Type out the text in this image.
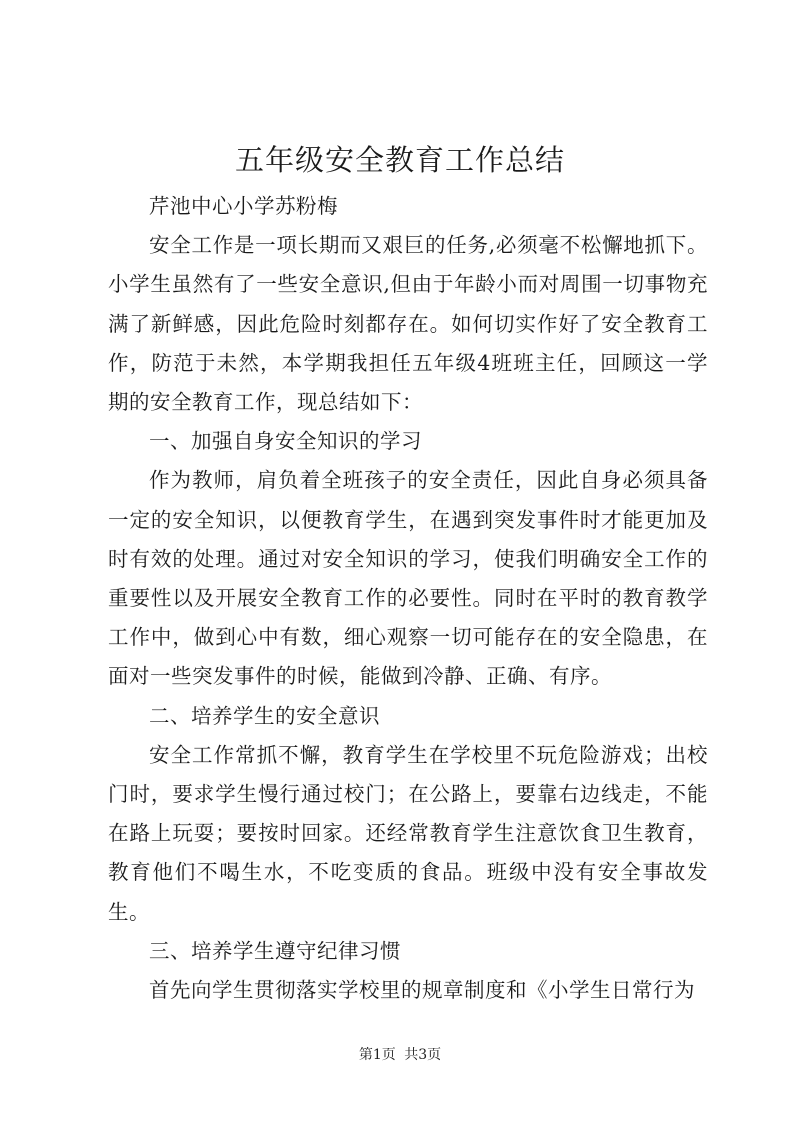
五年级安全教育工作总结

芹池中心小学苏粉梅

安全工作是一项长期而又艰巨的任务,必须毫不松懈地抓下。小学生虽然有了一些安全意识,但由于年龄小而对周围一切事物充满了新鲜感，因此危险时刻都存在。如何切实作好了安全教育工作，防范于未然，本学期我担任五年级4班班主任，回顾这一学期的安全教育工作，现总结如下：

一、加强自身安全知识的学习

作为教师，肩负着全班孩子的安全责任，因此自身必须具备一定的安全知识，以便教育学生，在遇到突发事件时才能更加及时有效的处理。通过对安全知识的学习，使我们明确安全工作的重要性以及开展安全教育工作的必要性。同时在平时的教育教学工作中，做到心中有数，细心观察一切可能存在的安全隐患，在面对一些突发事件的时候，能做到冷静、正确、有序。

二、培养学生的安全意识

安全工作常抓不懈，教育学生在学校里不玩危险游戏；出校门时，要求学生慢行通过校门；在公路上，要靠右边线走，不能在路上玩耍；要按时回家。还经常教育学生注意饮食卫生教育，教育他们不喝生水，不吃变质的食品。班级中没有安全事故发生。

三、培养学生遵守纪律习惯

首先向学生贯彻落实学校里的规章制度和《小学生日常行为

第1页 共3页
